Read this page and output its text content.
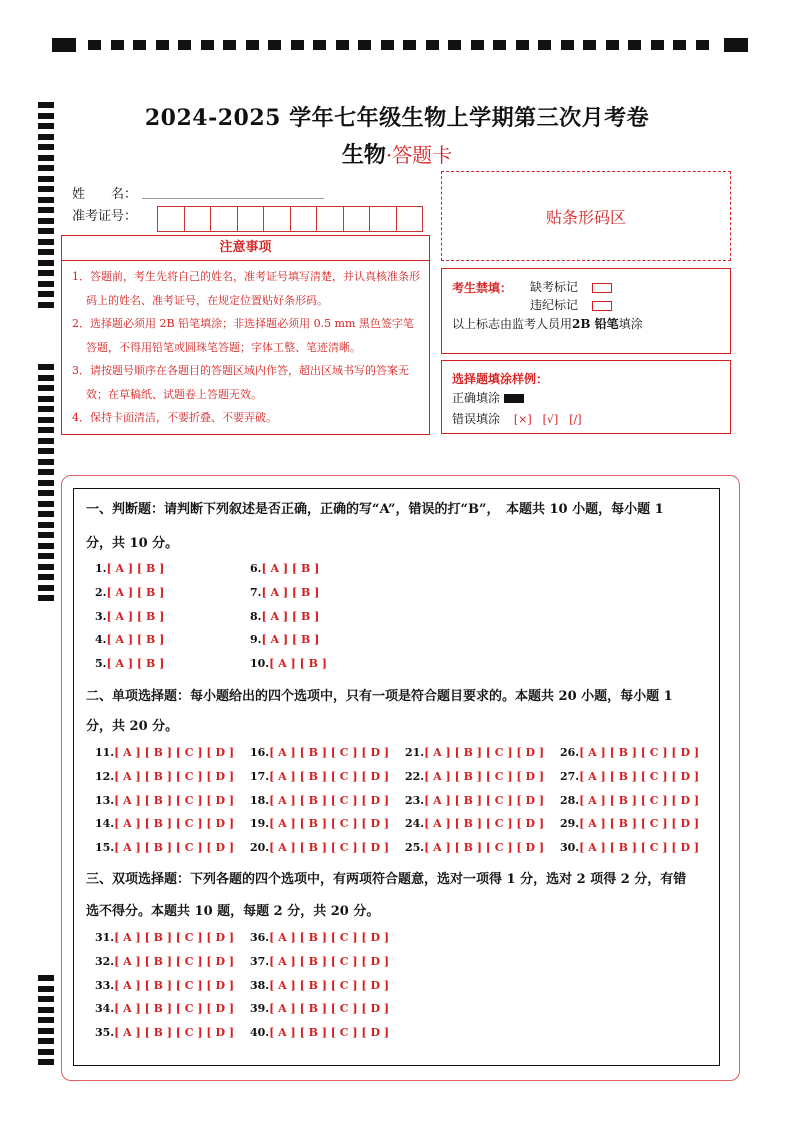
2024-2025 学年七年级生物上学期第三次月考卷
生物·答题卡
姓　　名：
准考证号：	贴条形码区
注意事项
1．答题前，考生先将自己的姓名，准考证号填写清楚，并认真核准条形码上的姓名、准考证号，在规定位置贴好条形码。
2．选择题必须用 2B 铅笔填涂；非选择题必须用 0.5 mm 黑色签字笔答题，不得用铅笔或圆珠笔答题；字体工整、笔迹清晰。
3．请按题号顺序在各题目的答题区域内作答，超出区域书写的答案无效；在草稿纸、试题卷上答题无效。
4．保持卡面清洁，不要折叠、不要弄破。
考生禁填： 缺考标记
违纪标记
以上标志由监考人员用2B 铅笔填涂
选择题填涂样例：
正确填涂
错误填涂 [×]　[√]　[/]
一、判断题：请判断下列叙述是否正确，正确的写“A”，错误的打“B”，　本题共 10 小题，每小题 1
分，共 10 分。
二、单项选择题：每小题给出的四个选项中，只有一项是符合题目要求的。本题共 20 小题，每小题 1
分，共 20 分。
三、双项选择题：下列各题的四个选项中，有两项符合题意，选对一项得 1 分，选对 2 项得 2 分，有错
选不得分。本题共 10 题，每题 2 分，共 20 分。
1.[ A ] [ B ]
2.[ A ] [ B ]
3.[ A ] [ B ]
4.[ A ] [ B ]
5.[ A ] [ B ]
6.[ A ] [ B ]
7.[ A ] [ B ]
8.[ A ] [ B ]
9.[ A ] [ B ]
10.[ A ] [ B ]
11.[ A ] [ B ] [ C ] [ D ]
12.[ A ] [ B ] [ C ] [ D ]
13.[ A ] [ B ] [ C ] [ D ]
14.[ A ] [ B ] [ C ] [ D ]
15.[ A ] [ B ] [ C ] [ D ]
16.[ A ] [ B ] [ C ] [ D ]
17.[ A ] [ B ] [ C ] [ D ]
18.[ A ] [ B ] [ C ] [ D ]
19.[ A ] [ B ] [ C ] [ D ]
20.[ A ] [ B ] [ C ] [ D ]
21.[ A ] [ B ] [ C ] [ D ]
22.[ A ] [ B ] [ C ] [ D ]
23.[ A ] [ B ] [ C ] [ D ]
24.[ A ] [ B ] [ C ] [ D ]
25.[ A ] [ B ] [ C ] [ D ]
26.[ A ] [ B ] [ C ] [ D ]
27.[ A ] [ B ] [ C ] [ D ]
28.[ A ] [ B ] [ C ] [ D ]
29.[ A ] [ B ] [ C ] [ D ]
30.[ A ] [ B ] [ C ] [ D ]
31.[ A ] [ B ] [ C ] [ D ]
32.[ A ] [ B ] [ C ] [ D ]
33.[ A ] [ B ] [ C ] [ D ]
34.[ A ] [ B ] [ C ] [ D ]
35.[ A ] [ B ] [ C ] [ D ]
36.[ A ] [ B ] [ C ] [ D ]
37.[ A ] [ B ] [ C ] [ D ]
38.[ A ] [ B ] [ C ] [ D ]
39.[ A ] [ B ] [ C ] [ D ]
40.[ A ] [ B ] [ C ] [ D ]
